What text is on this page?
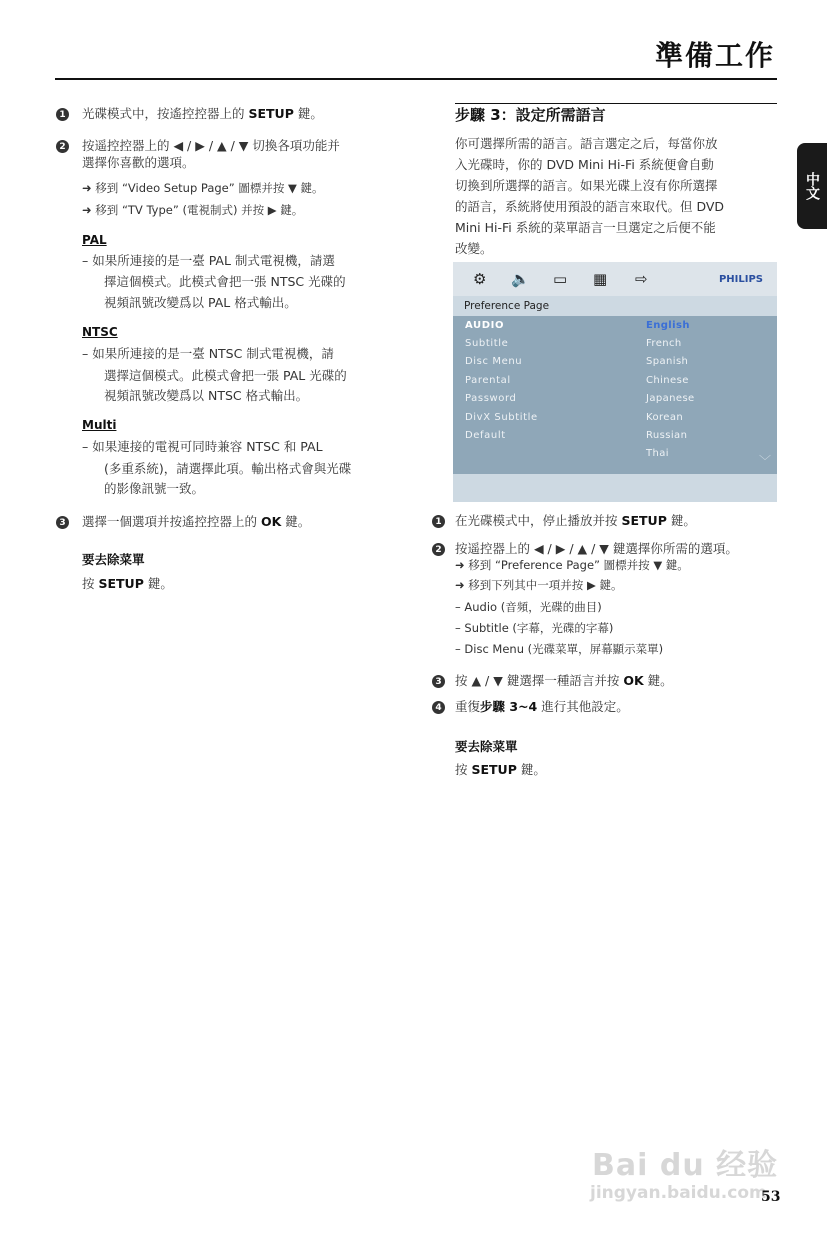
準備工作
中文
1 光碟模式中，按遙控控器上的 SETUP 鍵。
2 按遥控控器上的 ◀ / ▶ / ▲ / ▼ 切換各項功能并
選擇你喜歡的選項。
➜ 移到 “Video Setup Page” 圖標并按 ▼ 鍵。
➜ 移到 “TV Type” (電視制式) 并按 ▶ 鍵。
PAL
– 如果所連接的是一臺 PAL 制式電視機，請選
擇這個模式。此模式會把一張 NTSC 光碟的
視頻訊號改變爲以 PAL 格式輸出。
NTSC
– 如果所連接的是一臺 NTSC 制式電視機，請
選擇這個模式。此模式會把一張 PAL 光碟的
視頻訊號改變爲以 NTSC 格式輸出。
Multi
– 如果連接的電視可同時兼容 NTSC 和 PAL
(多重系統)，請選擇此項。輸出格式會與光碟
的影像訊號一致。
3 選擇一個選項并按遙控控器上的 OK 鍵。
要去除菜單
按 SETUP 鍵。
步驟 3：設定所需語言
你可選擇所需的語言。語言選定之后，每當你放
入光碟時，你的 DVD Mini Hi-Fi 系統便會自動
切換到所選擇的語言。如果光碟上沒有你所選擇
的語言，系統將使用預設的語言來取代。但 DVD
Mini Hi-Fi 系統的菜單語言一旦選定之后便不能
改變。
⚙ 🔈 ▭ ▦ ⇨	PHILIPS
Preference Page
AUDIO
Subtitle
Disc Menu
Parental
Password
DivX Subtitle
Default
English
French
Spanish
Chinese
Japanese
Korean
Russian
Thai
﹀
1 在光碟模式中，停止播放并按 SETUP 鍵。
2 按遥控器上的 ◀ / ▶ / ▲ / ▼ 鍵選擇你所需的選項。
➜ 移到 “Preference Page” 圖標并按 ▼ 鍵。
➜ 移到下列其中一項并按 ▶ 鍵。
– Audio (音頻，光碟的曲目)
– Subtitle (字幕，光碟的字幕)
– Disc Menu (光碟菜單，屏幕顯示菜單)
3 按 ▲ / ▼ 鍵選擇一種語言并按 OK 鍵。
4 重復步驟 3~4 進行其他設定。
要去除菜單
按 SETUP 鍵。
Bai du 经验
jingyan.baidu.com
53
